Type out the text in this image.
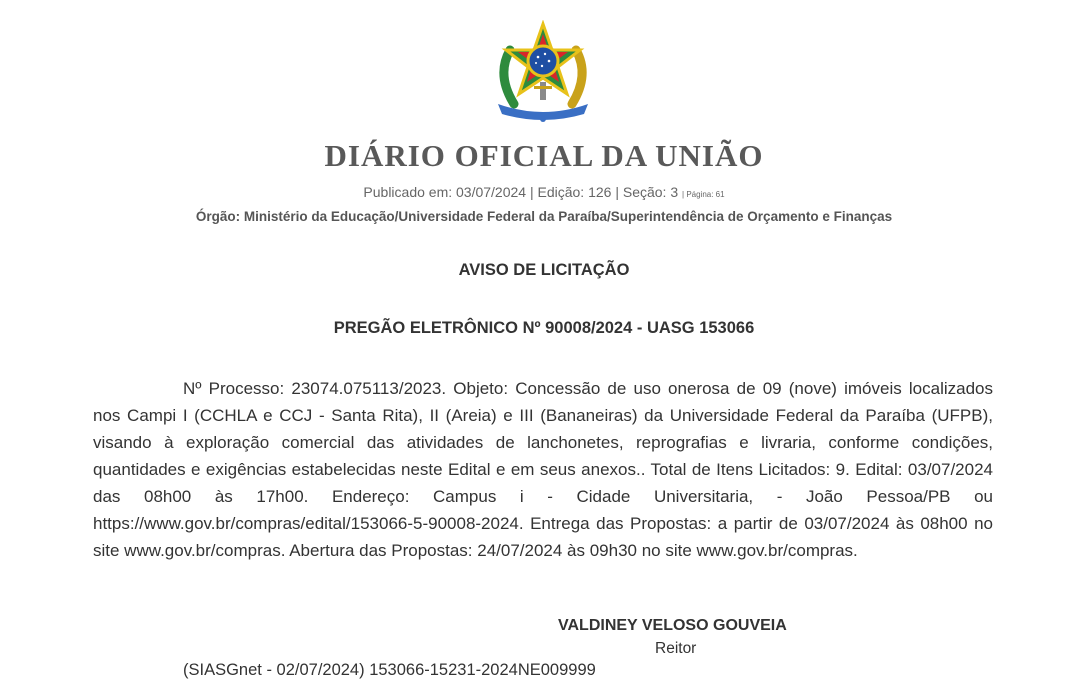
DIÁRIO OFICIAL DA UNIÃO
Publicado em: 03/07/2024 | Edição: 126 | Seção: 3 | Página: 61
Órgão: Ministério da Educação/Universidade Federal da Paraíba/Superintendência de Orçamento e Finanças
AVISO DE LICITAÇÃO
PREGÃO ELETRÔNICO Nº 90008/2024 - UASG 153066

Nº Processo: 23074.075113/2023. Objeto: Concessão de uso onerosa de 09 (nove) imóveis localizados nos Campi I (CCHLA e CCJ - Santa Rita), II (Areia) e III (Bananeiras) da Universidade Federal da Paraíba (UFPB), visando à exploração comercial das atividades de lanchonetes, reprografias e livraria, conforme condições, quantidades e exigências estabelecidas neste Edital e em seus anexos.. Total de Itens Licitados: 9. Edital: 03/07/2024 das 08h00 às 17h00. Endereço: Campus i - Cidade Universitaria, - João Pessoa/PB ou https://www.gov.br/compras/edital/153066-5-90008-2024. Entrega das Propostas: a partir de 03/07/2024 às 08h00 no site www.gov.br/compras. Abertura das Propostas: 24/07/2024 às 09h30 no site www.gov.br/compras.

VALDINEY VELOSO GOUVEIA
Reitor
(SIASGnet - 02/07/2024) 153066-15231-2024NE009999
